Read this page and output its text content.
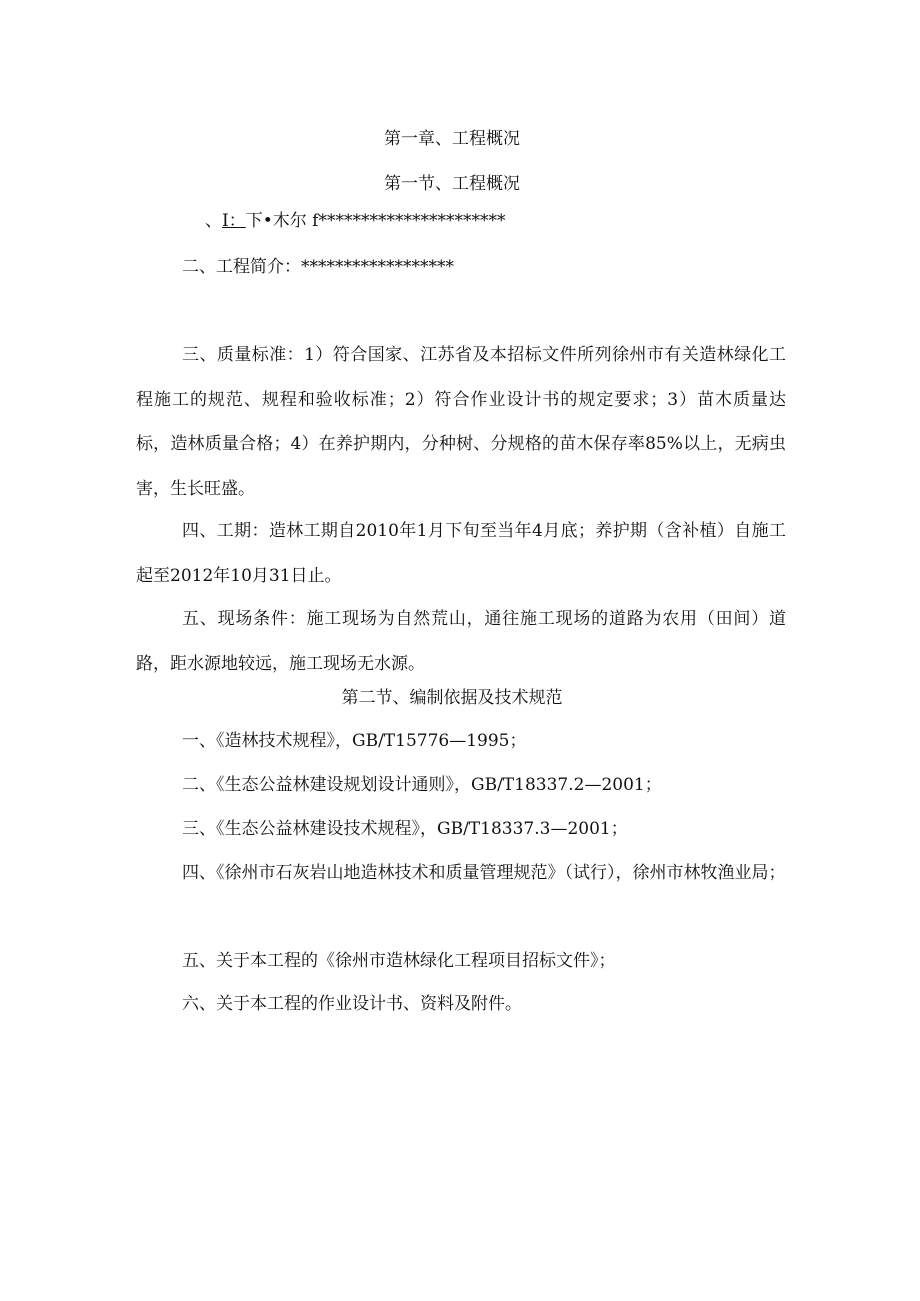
第一章、工程概况
第一节、工程概况
、I：下•木尔 f**********************
二、工程简介：******************
三、质量标准：1）符合国家、江苏省及本招标文件所列徐州市有关造林绿化工程施工的规范、规程和验收标准；2）符合作业设计书的规定要求；3）苗木质量达标，造林质量合格；4）在养护期内，分种树、分规格的苗木保存率85%以上，无病虫害，生长旺盛。
四、工期：造林工期自2010年1月下旬至当年4月底；养护期（含补植）自施工起至2012年10月31日止。
五、现场条件：施工现场为自然荒山，通往施工现场的道路为农用（田间）道路，距水源地较远，施工现场无水源。
第二节、编制依据及技术规范
一、《造林技术规程》，GB/T15776—1995；
二、《生态公益林建设规划设计通则》，GB/T18337.2—2001；
三、《生态公益林建设技术规程》，GB/T18337.3—2001；
四、《徐州市石灰岩山地造林技术和质量管理规范》（试行），徐州市林牧渔业局；
五、关于本工程的《徐州市造林绿化工程项目招标文件》；
六、关于本工程的作业设计书、资料及附件。
